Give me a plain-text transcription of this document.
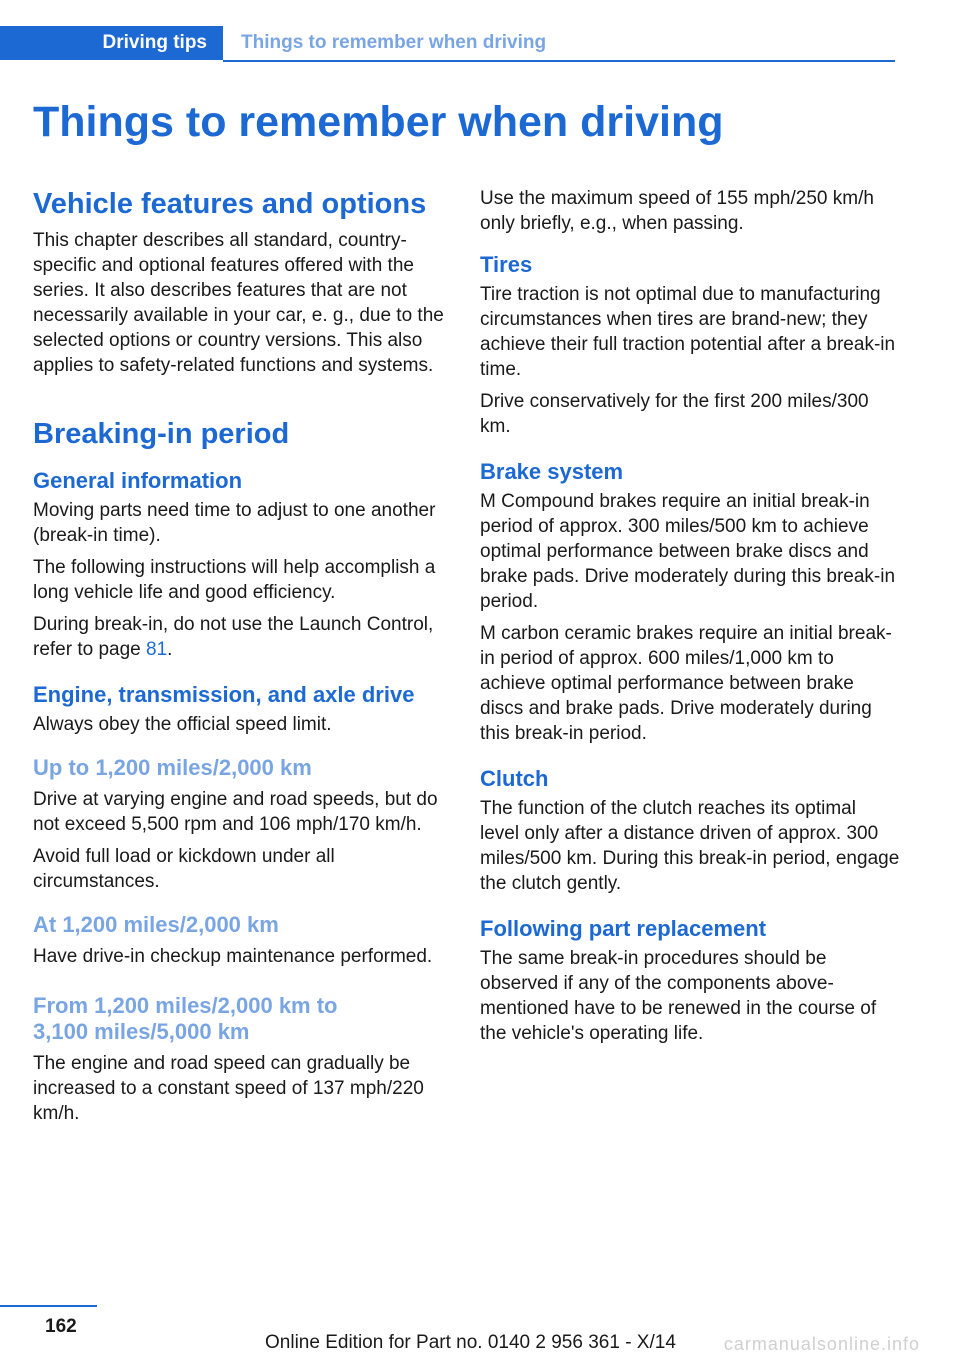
Driving tips	Things to remember when driving
Things to remember when driving
Vehicle features and options

This chapter describes all standard, country-specific and optional features offered with the series. It also describes features that are not necessarily available in your car, e. g., due to the selected options or country versions. This also applies to safety-related functions and systems.

Breaking-in period
General information

Moving parts need time to adjust to one another (break-in time).

The following instructions will help accomplish a long vehicle life and good efficiency.

During break-in, do not use the Launch Control, refer to page 81.

Engine, transmission, and axle drive

Always obey the official speed limit.

Up to 1,200 miles/2,000 km

Drive at varying engine and road speeds, but do not exceed 5,500 rpm and 106 mph/170 km/h.

Avoid full load or kickdown under all circumstances.

At 1,200 miles/2,000 km

Have drive-in checkup maintenance performed.

From 1,200 miles/2,000 km to
3,100 miles/5,000 km

The engine and road speed can gradually be increased to a constant speed of 137 mph/220 km/h.

Use the maximum speed of 155 mph/250 km/h only briefly, e.g., when passing.

Tires

Tire traction is not optimal due to manufacturing circumstances when tires are brand-new; they achieve their full traction potential after a break-in time.

Drive conservatively for the first 200 miles/300 km.

Brake system

M Compound brakes require an initial break-in period of approx. 300 miles/500 km to achieve optimal performance between brake discs and brake pads. Drive moderately during this break-in period.

M carbon ceramic brakes require an initial break-in period of approx. 600 miles/1,000 km to achieve optimal performance between brake discs and brake pads. Drive moderately during this break-in period.

Clutch

The function of the clutch reaches its optimal level only after a distance driven of approx. 300 miles/500 km. During this break-in period, engage the clutch gently.

Following part replacement

The same break-in procedures should be observed if any of the components above-mentioned have to be renewed in the course of the vehicle's operating life.

162
Online Edition for Part no. 0140 2 956 361 - X/14	carmanualsonline.info
